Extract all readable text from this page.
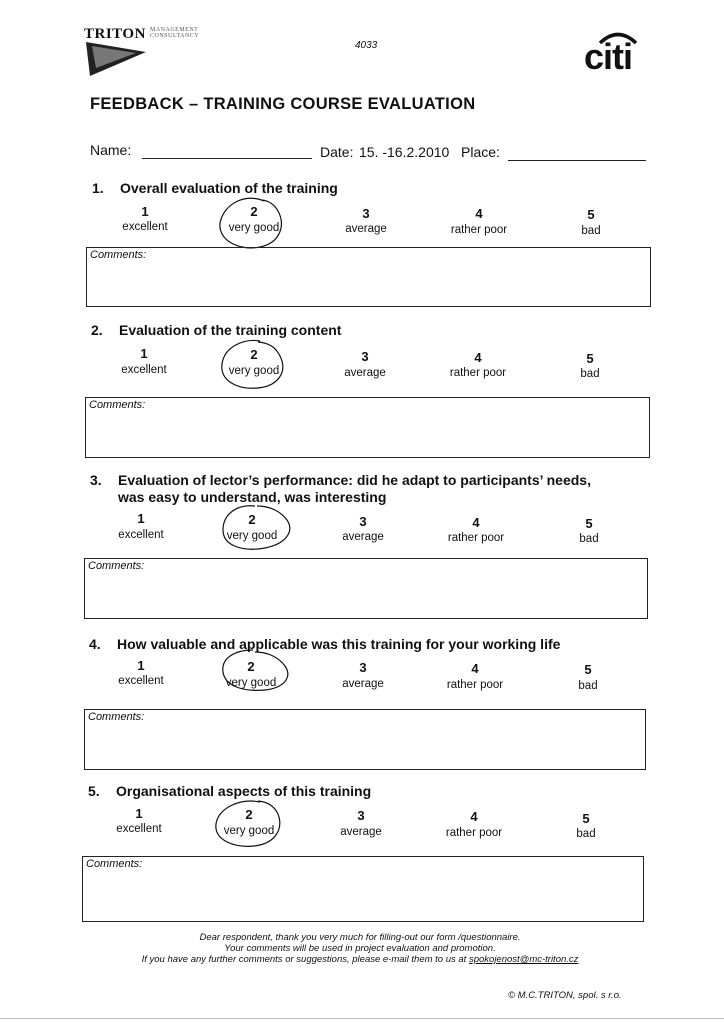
TRITON MANAGEMENT
CONSULTANCY
4033	citi
FEEDBACK – TRAINING COURSE EVALUATION
Name:	Date: 15. -16.2.2010 Place:
1. Overall evaluation of the training
1
excellent
2
very good
3
average
4
rather poor
5
bad
Comments:
2. Evaluation of the training content
1
excellent
2
very good
3
average
4
rather poor
5
bad
Comments:
3. Evaluation of lector’s performance: did he adapt to participants’ needs,
was easy to understand, was interesting
1
excellent
2
very good
3
average
4
rather poor
5
bad
Comments:
4. How valuable and applicable was this training for your working life
1
excellent
2
very good
3
average
4
rather poor
5
bad
Comments:
5. Organisational aspects of this training
1
excellent
2
very good
3
average
4
rather poor
5
bad
Comments:
Dear respondent, thank you very much for filling-out our form /questionnaire.
Your comments will be used in project evaluation and promotion.
If you have any further comments or suggestions, please e-mail them to us at spokojenost@mc-triton.cz
© M.C.TRITON, spol. s r.o.
